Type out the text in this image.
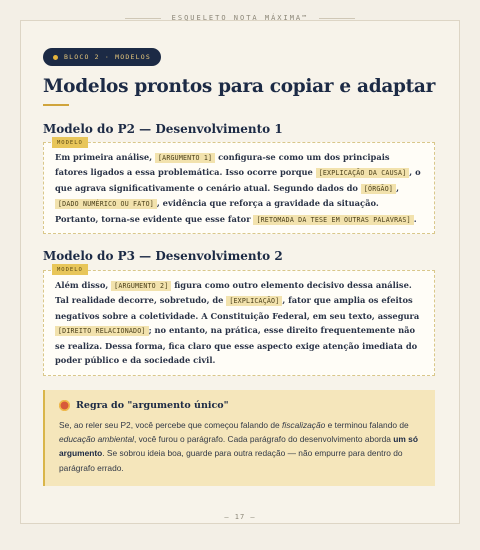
ESQUELETO NOTA MÁXIMA™
BLOCO 2 · MODELOS
Modelos prontos para copiar e adaptar
Modelo do P2 — Desenvolvimento 1
MODELO
Em primeira análise, [ARGUMENTO 1] configura-se como um dos principais fatores ligados a essa problemática. Isso ocorre porque [EXPLICAÇÃO DA CAUSA] , o que agrava significativamente o cenário atual. Segundo dados do [ÓRGÃO] , [DADO NUMÉRICO OU FATO] , evidência que reforça a gravidade da situação. Portanto, torna-se evidente que esse fator [RETOMADA DA TESE EM OUTRAS PALAVRAS] .
Modelo do P3 — Desenvolvimento 2
MODELO
Além disso, [ARGUMENTO 2] figura como outro elemento decisivo dessa análise. Tal realidade decorre, sobretudo, de [EXPLICAÇÃO] , fator que amplia os efeitos negativos sobre a coletividade. A Constituição Federal, em seu texto, assegura [DIREITO RELACIONADO] ; no entanto, na prática, esse direito frequentemente não se realiza. Dessa forma, fica claro que esse aspecto exige atenção imediata do poder público e da sociedade civil.
Regra do "argumento único"
Se, ao reler seu P2, você percebe que começou falando de fiscalização e terminou falando de educação ambiental, você furou o parágrafo. Cada parágrafo do desenvolvimento aborda um só argumento. Se sobrou ideia boa, guarde para outra redação — não empurre para dentro do parágrafo errado.
— 17 —
